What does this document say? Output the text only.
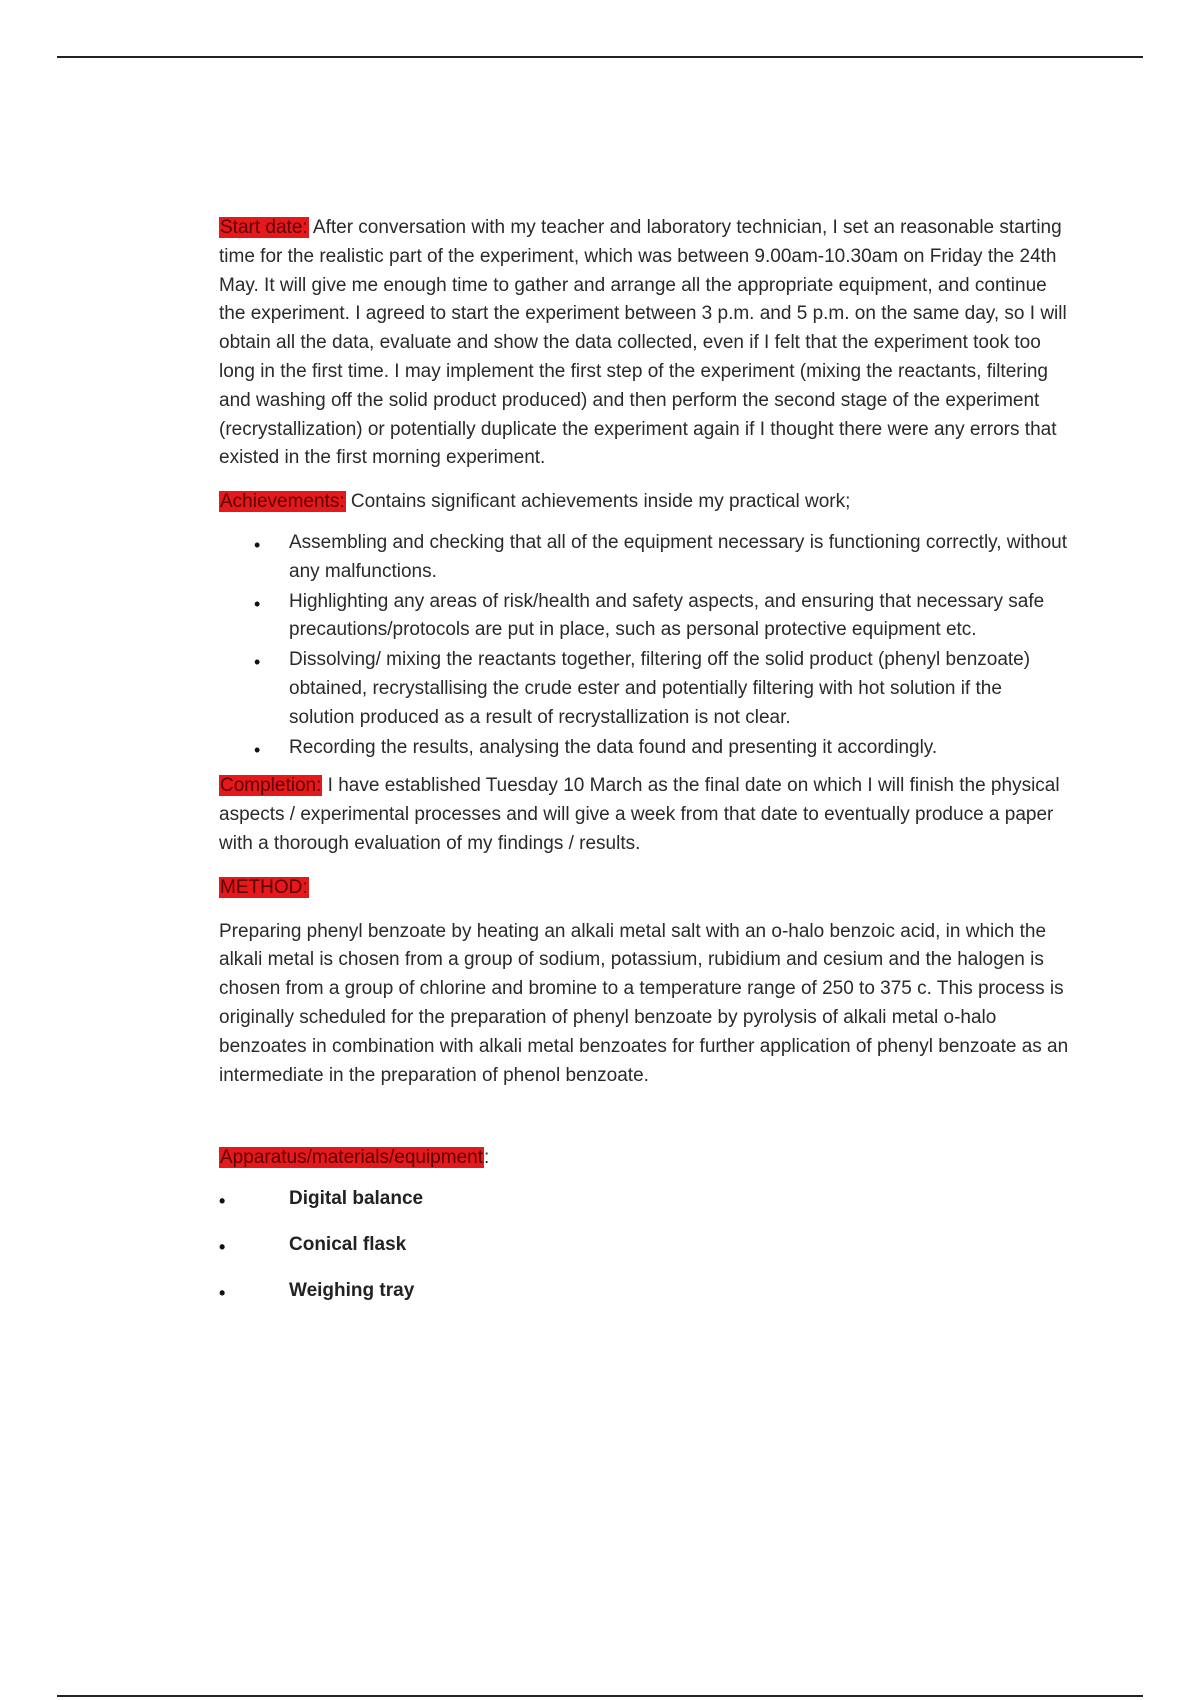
Start date: After conversation with my teacher and laboratory technician, I set an reasonable starting time for the realistic part of the experiment, which was between 9.00am-10.30am on Friday the 24th May. It will give me enough time to gather and arrange all the appropriate equipment, and continue the experiment. I agreed to start the experiment between 3 p.m. and 5 p.m. on the same day, so I will obtain all the data, evaluate and show the data collected, even if I felt that the experiment took too long in the first time. I may implement the first step of the experiment (mixing the reactants, filtering and washing off the solid product produced) and then perform the second stage of the experiment (recrystallization) or potentially duplicate the experiment again if I thought there were any errors that existed in the first morning experiment.

Achievements: Contains significant achievements inside my practical work;

• Assembling and checking that all of the equipment necessary is functioning correctly, without any malfunctions.
• Highlighting any areas of risk/health and safety aspects, and ensuring that necessary safe precautions/protocols are put in place, such as personal protective equipment etc.
• Dissolving/ mixing the reactants together, filtering off the solid product (phenyl benzoate) obtained, recrystallising the crude ester and potentially filtering with hot solution if the solution produced as a result of recrystallization is not clear.
• Recording the results, analysing the data found and presenting it accordingly.

Completion: I have established Tuesday 10 March as the final date on which I will finish the physical aspects / experimental processes and will give a week from that date to eventually produce a paper with a thorough evaluation of my findings / results.

METHOD:

Preparing phenyl benzoate by heating an alkali metal salt with an o-halo benzoic acid, in which the alkali metal is chosen from a group of sodium, potassium, rubidium and cesium and the halogen is chosen from a group of chlorine and bromine to a temperature range of 250 to 375 c. This process is originally scheduled for the preparation of phenyl benzoate by pyrolysis of alkali metal o-halo benzoates in combination with alkali metal benzoates for further application of phenyl benzoate as an intermediate in the preparation of phenol benzoate.

Apparatus/materials/equipment:

•	Digital balance
•	Conical flask
•	Weighing tray
